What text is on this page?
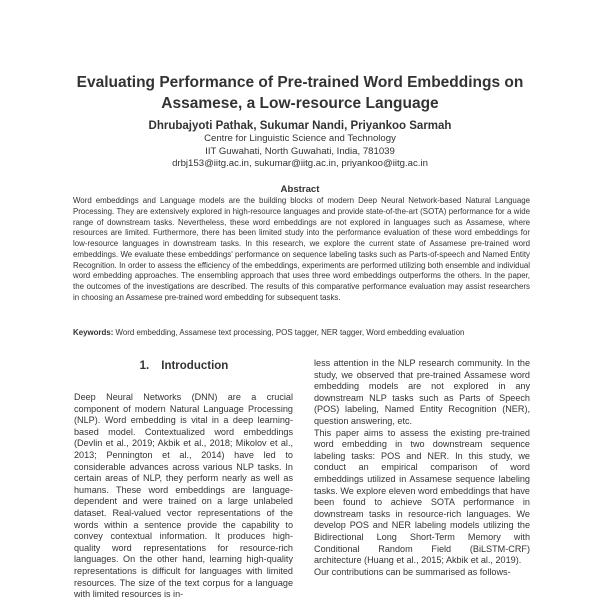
Evaluating Performance of Pre-trained Word Embeddings on
Assamese, a Low-resource Language
Dhrubajyoti Pathak, Sukumar Nandi, Priyankoo Sarmah
Centre for Linguistic Science and Technology
IIT Guwahati, North Guwahati, India, 781039
drbj153@iitg.ac.in, sukumar@iitg.ac.in, priyankoo@iitg.ac.in
Abstract

Word embeddings and Language models are the building blocks of modern Deep Neural Network-based Natural Language Processing. They are extensively explored in high-resource languages and provide state-of-the-art (SOTA) performance for a wide range of downstream tasks. Nevertheless, these word embeddings are not explored in languages such as Assamese, where resources are limited. Furthermore, there has been limited study into the performance evaluation of these word embeddings for low-resource languages in downstream tasks. In this research, we explore the current state of Assamese pre-trained word embeddings. We evaluate these embeddings' performance on sequence labeling tasks such as Parts-of-speech and Named Entity Recognition. In order to assess the efficiency of the embeddings, experiments are performed utilizing both ensemble and individual word embedding approaches. The ensembling approach that uses three word embeddings outperforms the others. In the paper, the outcomes of the investigations are described. The results of this comparative performance evaluation may assist researchers in choosing an Assamese pre-trained word embedding for subsequent tasks.

Keywords: Word embedding, Assamese text processing, POS tagger, NER tagger, Word embedding evaluation

1. Introduction

Deep Neural Networks (DNN) are a crucial component of modern Natural Language Processing (NLP). Word embedding is vital in a deep learning-based model. Contextualized word embeddings (Devlin et al., 2019; Akbik et al., 2018; Mikolov et al., 2013; Pennington et al., 2014) have led to considerable advances across various NLP tasks. In certain areas of NLP, they perform nearly as well as humans. These word embeddings are language-dependent and were trained on a large unlabeled dataset. Real-valued vector representations of the words within a sentence provide the capability to convey contextual information. It produces high-quality word representations for resource-rich languages. On the other hand, learning high-quality representations is difficult for languages with limited resources. The size of the text corpus for a language with limited resources is in-

less attention in the NLP research community. In the study, we observed that pre-trained Assamese word embedding models are not explored in any downstream NLP tasks such as Parts of Speech (POS) labeling, Named Entity Recognition (NER), question answering, etc.

This paper aims to assess the existing pre-trained word embedding in two downstream sequence labeling tasks: POS and NER. In this study, we conduct an empirical comparison of word embeddings utilized in Assamese sequence labeling tasks. We explore eleven word embeddings that have been found to achieve SOTA performance in downstream tasks in resource-rich languages. We develop POS and NER labeling models utilizing the Bidirectional Long Short-Term Memory with Conditional Random Field (BiLSTM-CRF) architecture (Huang et al., 2015; Akbik et al., 2019).

Our contributions can be summarised as follows-
